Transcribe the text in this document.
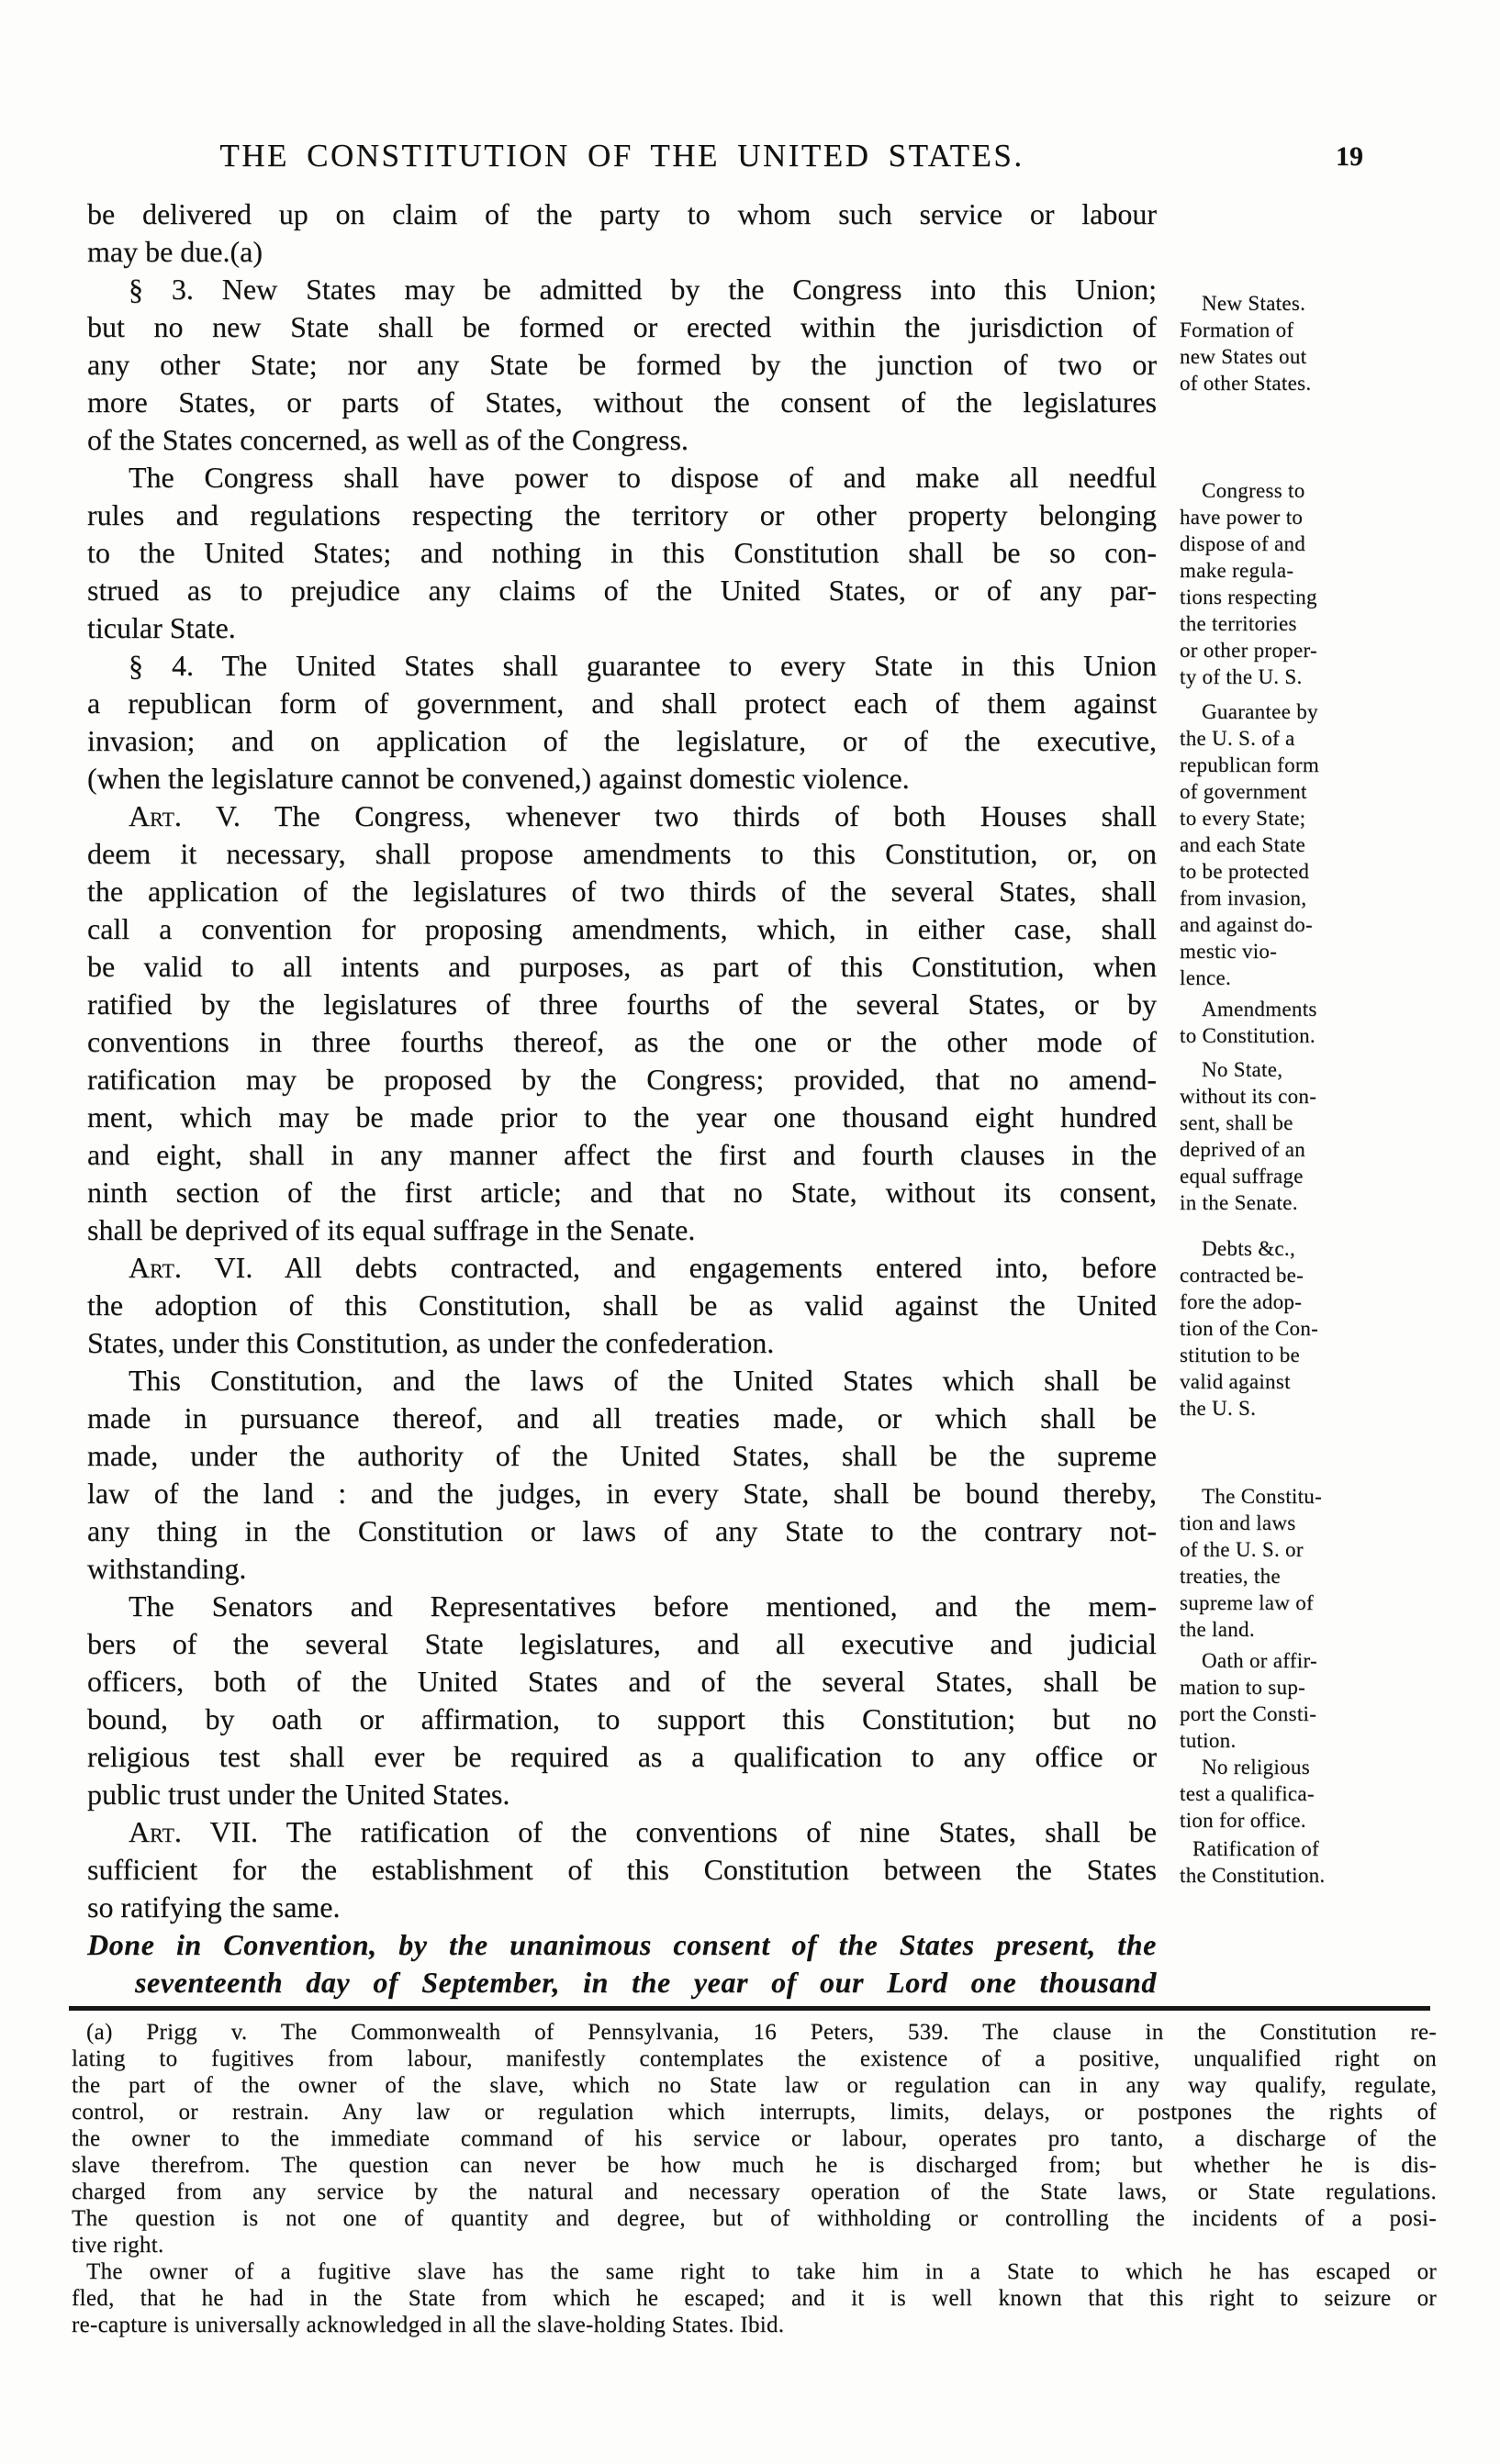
THE CONSTITUTION OF THE UNITED STATES.	19
be delivered up on claim of the party to whom such service or labour
may be due.(a)
§ 3. New States may be admitted by the Congress into this Union;
but no new State shall be formed or erected within the jurisdiction of
any other State; nor any State be formed by the junction of two or
more States, or parts of States, without the consent of the legislatures
of the States concerned, as well as of the Congress.
The Congress shall have power to dispose of and make all needful
rules and regulations respecting the territory or other property belonging
to the United States; and nothing in this Constitution shall be so con-
strued as to prejudice any claims of the United States, or of any par-
ticular State.
§ 4. The United States shall guarantee to every State in this Union
a republican form of government, and shall protect each of them against
invasion; and on application of the legislature, or of the executive,
(when the legislature cannot be convened,) against domestic violence.
Art. V. The Congress, whenever two thirds of both Houses shall
deem it necessary, shall propose amendments to this Constitution, or, on
the application of the legislatures of two thirds of the several States, shall
call a convention for proposing amendments, which, in either case, shall
be valid to all intents and purposes, as part of this Constitution, when
ratified by the legislatures of three fourths of the several States, or by
conventions in three fourths thereof, as the one or the other mode of
ratification may be proposed by the Congress; provided, that no amend-
ment, which may be made prior to the year one thousand eight hundred
and eight, shall in any manner affect the first and fourth clauses in the
ninth section of the first article; and that no State, without its consent,
shall be deprived of its equal suffrage in the Senate.
Art. VI. All debts contracted, and engagements entered into, before
the adoption of this Constitution, shall be as valid against the United
States, under this Constitution, as under the confederation.
This Constitution, and the laws of the United States which shall be
made in pursuance thereof, and all treaties made, or which shall be
made, under the authority of the United States, shall be the supreme
law of the land : and the judges, in every State, shall be bound thereby,
any thing in the Constitution or laws of any State to the contrary not-
withstanding.
The Senators and Representatives before mentioned, and the mem-
bers of the several State legislatures, and all executive and judicial
officers, both of the United States and of the several States, shall be
bound, by oath or affirmation, to support this Constitution; but no
religious test shall ever be required as a qualification to any office or
public trust under the United States.
Art. VII. The ratification of the conventions of nine States, shall be
sufficient for the establishment of this Constitution between the States
so ratifying the same.
Done in Convention, by the unanimous consent of the States present, the
seventeenth day of September, in the year of our Lord one thousand
New States.
Formation of
new States out
of other States.
Congress to
have power to
dispose of and
make regula-
tions respecting
the territories
or other proper-
ty of the U. S.
Guarantee by
the U. S. of a
republican form
of government
to every State;
and each State
to be protected
from invasion,
and against do-
mestic vio-
lence.
Amendments
to Constitution.
No State,
without its con-
sent, shall be
deprived of an
equal suffrage
in the Senate.
Debts &c.,
contracted be-
fore the adop-
tion of the Con-
stitution to be
valid against
the U. S.
The Constitu-
tion and laws
of the U. S. or
treaties, the
supreme law of
the land.
Oath or affir-
mation to sup-
port the Consti-
tution.
No religious
test a qualifica-
tion for office.
Ratification of
the Constitution.
(a) Prigg v. The Commonwealth of Pennsylvania, 16 Peters, 539. The clause in the Constitution re-
lating to fugitives from labour, manifestly contemplates the existence of a positive, unqualified right on
the part of the owner of the slave, which no State law or regulation can in any way qualify, regulate,
control, or restrain. Any law or regulation which interrupts, limits, delays, or postpones the rights of
the owner to the immediate command of his service or labour, operates pro tanto, a discharge of the
slave therefrom. The question can never be how much he is discharged from; but whether he is dis-
charged from any service by the natural and necessary operation of the State laws, or State regulations.
The question is not one of quantity and degree, but of withholding or controlling the incidents of a posi-
tive right.
The owner of a fugitive slave has the same right to take him in a State to which he has escaped or
fled, that he had in the State from which he escaped; and it is well known that this right to seizure or
re-capture is universally acknowledged in all the slave-holding States. Ibid.
